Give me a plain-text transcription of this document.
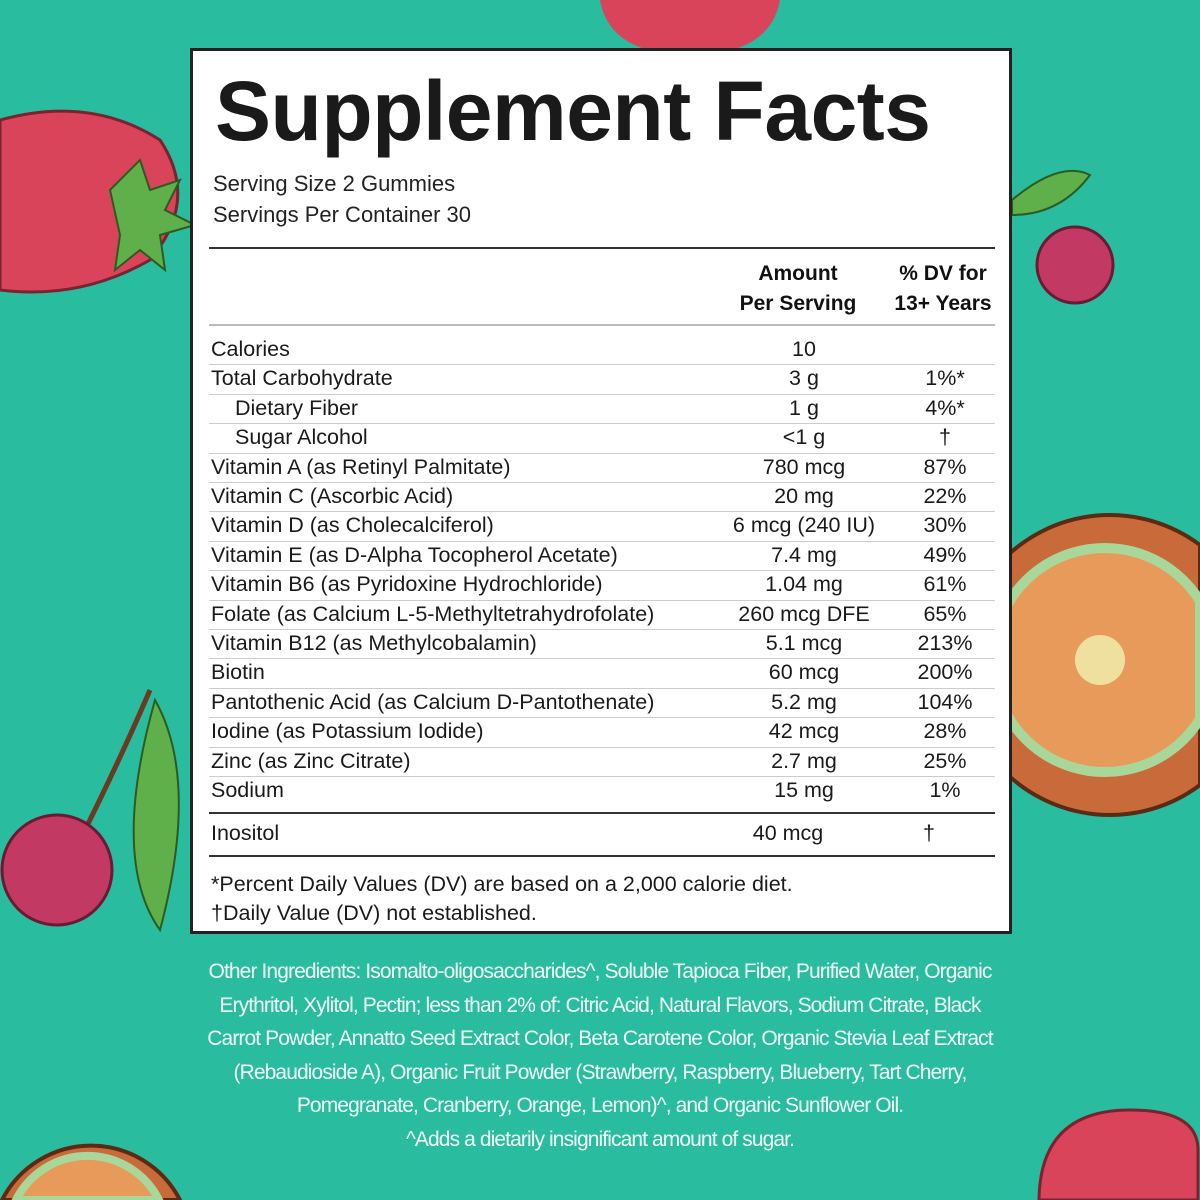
Supplement Facts
Serving Size 2 Gummies
Servings Per Container 30
Amount
Per Serving
% DV for
13+ Years
Calories	10
Total Carbohydrate	3 g	1%*
Dietary Fiber	1 g	4%*
Sugar Alcohol	<1 g	†
Vitamin A (as Retinyl Palmitate)	780 mcg	87%
Vitamin C (Ascorbic Acid)	20 mg	22%
Vitamin D (as Cholecalciferol)	6 mcg (240 IU)	30%
Vitamin E (as D-Alpha Tocopherol Acetate)	7.4 mg	49%
Vitamin B6 (as Pyridoxine Hydrochloride)	1.04 mg	61%
Folate (as Calcium L-5-Methyltetrahydrofolate)	260 mcg DFE	65%
Vitamin B12 (as Methylcobalamin)	5.1 mcg	213%
Biotin	60 mcg	200%
Pantothenic Acid (as Calcium D-Pantothenate)	5.2 mg	104%
Iodine (as Potassium Iodide)	42 mcg	28%
Zinc (as Zinc Citrate)	2.7 mg	25%
Sodium	15 mg	1%
Inositol	40 mcg	†
*Percent Daily Values (DV) are based on a 2,000 calorie diet.
†Daily Value (DV) not established.
Other Ingredients: Isomalto-oligosaccharides^, Soluble Tapioca Fiber, Purified Water, Organic
Erythritol, Xylitol, Pectin; less than 2% of: Citric Acid, Natural Flavors, Sodium Citrate, Black
Carrot Powder, Annatto Seed Extract Color, Beta Carotene Color, Organic Stevia Leaf Extract
(Rebaudioside A), Organic Fruit Powder (Strawberry, Raspberry, Blueberry, Tart Cherry,
Pomegranate, Cranberry, Orange, Lemon)^, and Organic Sunflower Oil.
^Adds a dietarily insignificant amount of sugar.
